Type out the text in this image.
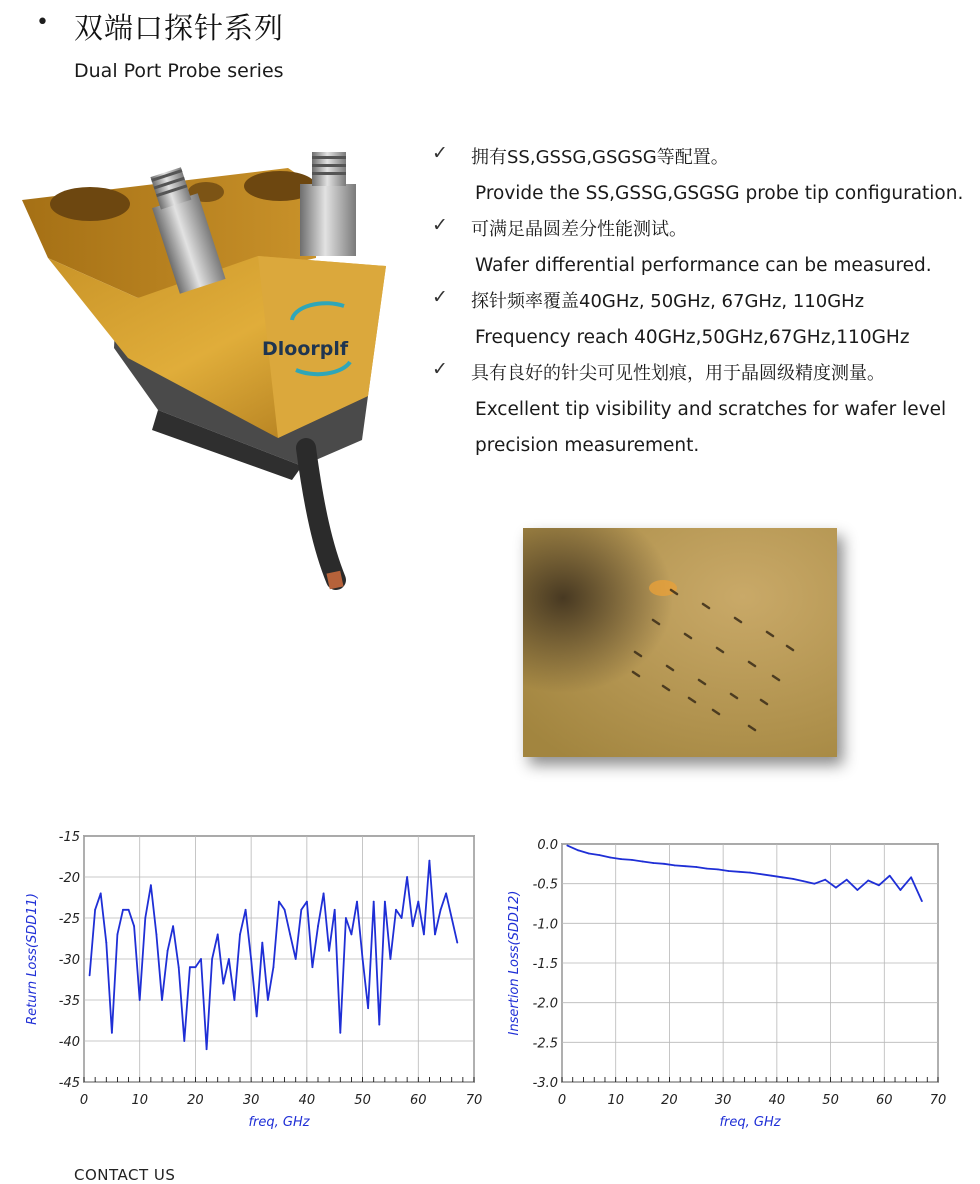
• 双端口探针系列
Dual Port Probe series
Dloorplf
✓ 拥有SS,GSSG,GSGSG等配置。
Provide the SS,GSSG,GSGSG probe tip configuration.
✓ 可满足晶圆差分性能测试。
Wafer differential performance can be measured.
✓ 探针频率覆盖40GHz, 50GHz, 67GHz, 110GHz
Frequency reach 40GHz,50GHz,67GHz,110GHz
✓ 具有良好的针尖可见性划痕，用于晶圆级精度测量。
Excellent tip visibility and scratches for wafer level
precision measurement.
0	10	20	30	40	50	60	70
-15
-20
-25
-30
-35
-40
-45
freq, GHz
Return Loss(SDD11)
0	10	20	30	40	50	60	70
0.0
-0.5
-1.0
-1.5
-2.0
-2.5
-3.0
freq, GHz
Insertion Loss(SDD12)
CONTACT US
